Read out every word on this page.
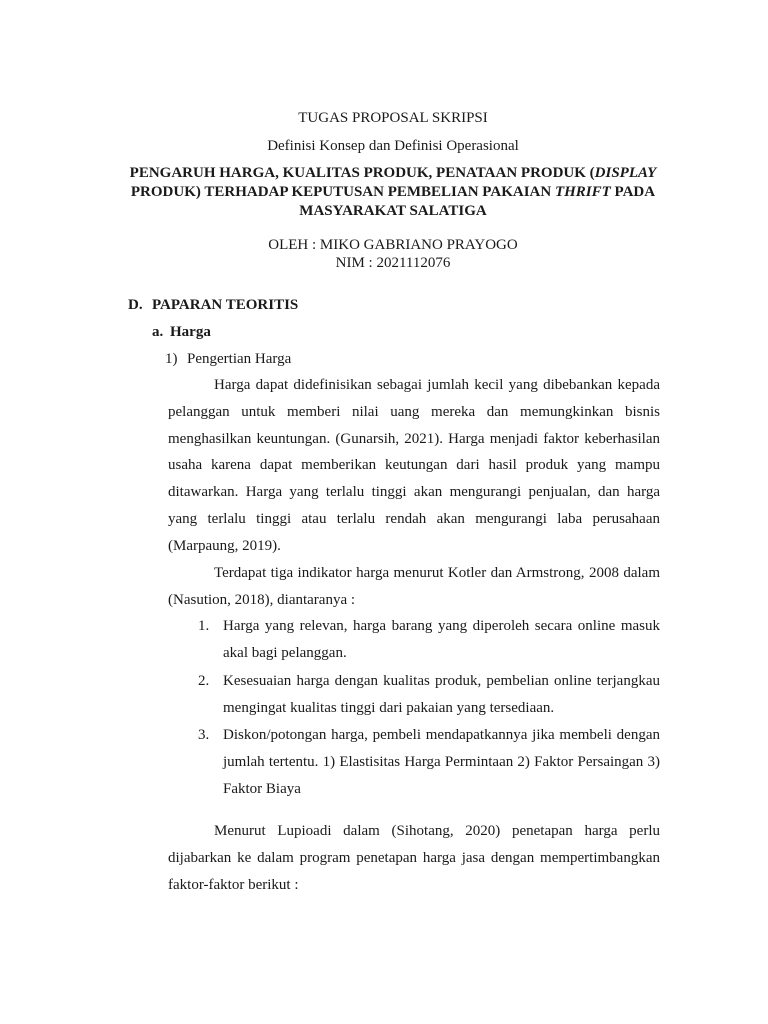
TUGAS PROPOSAL SKRIPSI
Definisi Konsep dan Definisi Operasional
PENGARUH HARGA, KUALITAS PRODUK, PENATAAN PRODUK (DISPLAY
PRODUK) TERHADAP KEPUTUSAN PEMBELIAN PAKAIAN THRIFT PADA
MASYARAKAT SALATIGA
OLEH : MIKO GABRIANO PRAYOGO
NIM : 2021112076
D. PAPARAN TEORITIS
a. Harga
1) Pengertian Harga

Harga dapat didefinisikan sebagai jumlah kecil yang dibebankan kepada pelanggan untuk memberi nilai uang mereka dan memungkinkan bisnis menghasilkan keuntungan. (Gunarsih, 2021). Harga menjadi faktor keberhasilan usaha karena dapat memberikan keutungan dari hasil produk yang mampu ditawarkan. Harga yang terlalu tinggi akan mengurangi penjualan, dan harga yang terlalu tinggi atau terlalu rendah akan mengurangi laba perusahaan (Marpaung, 2019).

Terdapat tiga indikator harga menurut Kotler dan Armstrong, 2008 dalam (Nasution, 2018), diantaranya :

1. Harga yang relevan, harga barang yang diperoleh secara online masuk akal bagi pelanggan.
2. Kesesuaian harga dengan kualitas produk, pembelian online terjangkau mengingat kualitas tinggi dari pakaian yang tersediaan.
3. Diskon/potongan harga, pembeli mendapatkannya jika membeli dengan jumlah tertentu. 1) Elastisitas Harga Permintaan 2) Faktor Persaingan 3) Faktor Biaya

Menurut Lupioadi dalam (Sihotang, 2020) penetapan harga perlu dijabarkan ke dalam program penetapan harga jasa dengan mempertimbangkan faktor-faktor berikut :
